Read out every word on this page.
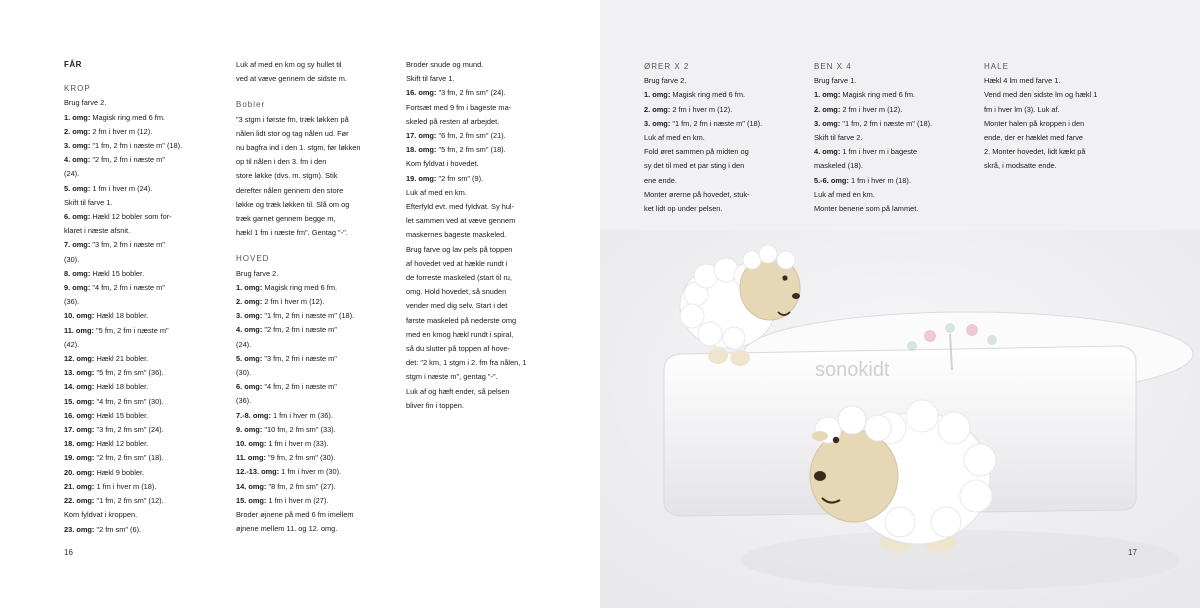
FÅR
KROP
Brug farve 2.
1. omg: Magisk ring med 6 fm.
2. omg: 2 fm i hver m (12).
3. omg: "1 fm, 2 fm i næste m" (18).
4. omg: "2 fm, 2 fm i næste m"
(24).
5. omg: 1 fm i hver m (24).
Skift til farve 1.
6. omg: Hækl 12 bobler som for-
klaret i næste afsnit.
7. omg: "3 fm, 2 fm i næste m"
(30).
8. omg: Hækl 15 bobler.
9. omg: "4 fm, 2 fm i næste m"
(36).
10. omg: Hækl 18 bobler.
11. omg: "5 fm, 2 fm i næste m"
(42).
12. omg: Hækl 21 bobler.
13. omg: "5 fm, 2 fm sm" (36).
14. omg: Hækl 18 bobler.
15. omg: "4 fm, 2 fm sm" (30).
16. omg: Hækl 15 bobler.
17. omg: "3 fm, 2 fm sm" (24).
18. omg: Hækl 12 bobler.
19. omg: "2 fm, 2 fm sm" (18).
20. omg: Hækl 9 bobler.
21. omg: 1 fm i hver m (18).
22. omg: "1 fm, 2 fm sm" (12).
Kom fyldvat i kroppen.
23. omg: "2 fm sm" (6).
Luk af med en km og sy hullet til
ved at væve gennem de sidste m.
Bobler
"3 stgm i første fm, træk løkken på
nålen lidt stor og tag nålen ud. Før
nu bagfra ind i den 1. stgm, før løkken
op til nålen i den 3. fm i den
store løkke (dvs. m. stgm). Stik
derefter nålen gennem den store
løkke og træk løkken til. Slå om og
træk garnet gennem begge m,
hækl 1 fm i næste fm". Gentag "-".
HOVED
Brug farve 2.
1. omg: Magisk ring med 6 fm.
2. omg: 2 fm i hver m (12).
3. omg: "1 fm, 2 fm i næste m" (18).
4. omg: "2 fm, 2 fm i næste m"
(24).
5. omg: "3 fm, 2 fm i næste m"
(30).
6. omg: "4 fm, 2 fm i næste m"
(36).
7.-8. omg: 1 fm i hver m (36).
9. omg: "10 fm, 2 fm sm" (33).
10. omg: 1 fm i hver m (33).
11. omg: "9 fm, 2 fm sm" (30).
12.-13. omg: 1 fm i hver m (30).
14. omg: "8 fm, 2 fm sm" (27).
15. omg: 1 fm i hver m (27).
Broder øjnene på med 6 fm imellem
øjnene mellem 11. og 12. omg.
Broder snude og mund.
Skift til farve 1.
16. omg: "3 fm, 2 fm sm" (24).
Fortsæt med 9 fm i bageste ma-
skeled på resten af arbejdet.
17. omg: "6 fm, 2 fm sm" (21).
18. omg: "5 fm, 2 fm sm" (18).
Kom fyldvat i hovedet.
19. omg: "2 fm sm" (9).
Luk af med en km.
Efterfyld evt. med fyldvat. Sy hul-
let sammen ved at væve gennem
maskernes bageste maskeled.
Brug farve og lav pels på toppen
af hovedet ved at hækle rundt i
de forreste maskeled (start til ru,
omg. Hold hovedet, så snuden
vender med dig selv. Start i det
første maskeled på nederste omg
med en kmog hækl rundt i spiral,
så du slutter på toppen af hove-
det: "2 km, 1 stgm i 2. fm fra nålen, 1
stgm i næste m", gentag "-".
Luk af og hæft ender, så pelsen
bliver fin i toppen.
16
ØRER X 2
Brug farve 2.
1. omg: Magisk ring med 6 fm.
2. omg: 2 fm i hver m (12).
3. omg: "1 fm, 2 fm i næste m" (18).
Luk af med en km.
Fold øret sammen på midten og
sy det til med et par sting i den
ene ende.
Monter ørerne på hovedet, stuk-
ket lidt op under pelsen.
BEN X 4
Brug farve 1.
1. omg: Magisk ring med 6 fm.
2. omg: 2 fm i hver m (12).
3. omg: "1 fm, 2 fm i næste m" (18).
Skift til farve 2.
4. omg: 1 fm i hver m i bageste
maskeled (18).
5.-6. omg: 1 fm i hver m (18).
Luk af med en km.
Monter benene som på lammet.
HALE
Hækl 4 lm med farve 1.
Vend med den sidste lm og hækl 1
fm i hver lm (3). Luk af.
Monter halen på kroppen i den
ende, der er hæklet med farve
2. Monter hovedet, lidt kækt på
skrå, i modsatte ende.
sonokidt
17
